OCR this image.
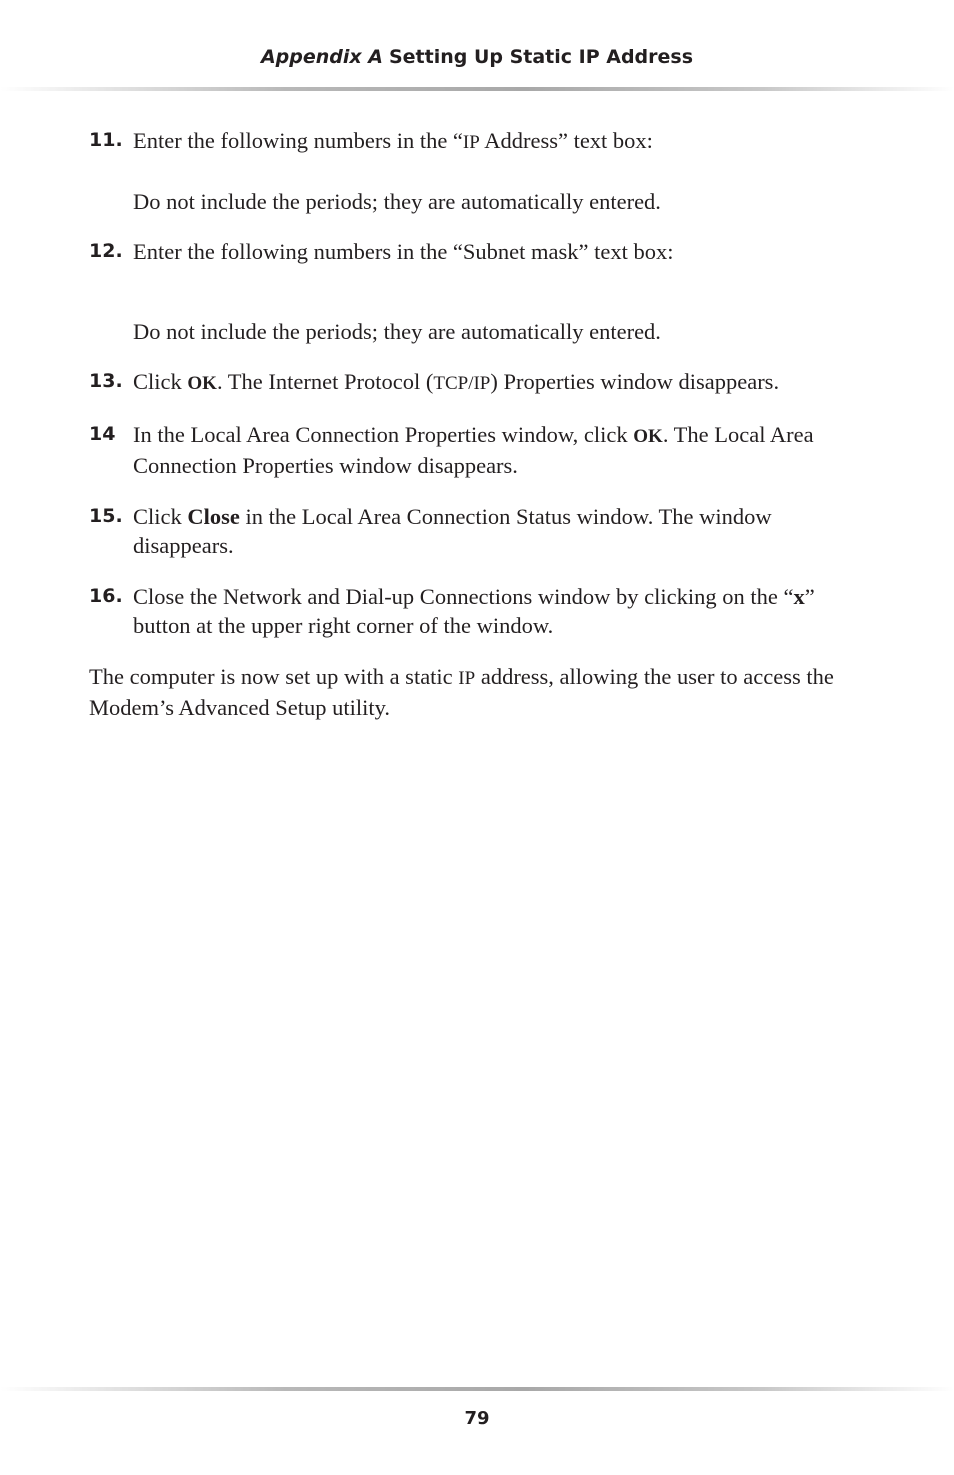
Appendix A Setting Up Static IP Address
11. Enter the following numbers in the “IP Address” text box:
Do not include the periods; they are automatically entered.
12. Enter the following numbers in the “Subnet mask” text box:
Do not include the periods; they are automatically entered.
13. Click OK. The Internet Protocol (TCP/IP) Properties window disappears.
14 In the Local Area Connection Properties window, click OK. The Local Area Connection Properties window disappears.
15. Click Close in the Local Area Connection Status window. The window disappears.
16. Close the Network and Dial-up Connections window by clicking on the “x” button at the upper right corner of the window.
The computer is now set up with a static IP address, allowing the user to access the Modem’s Advanced Setup utility.
79
